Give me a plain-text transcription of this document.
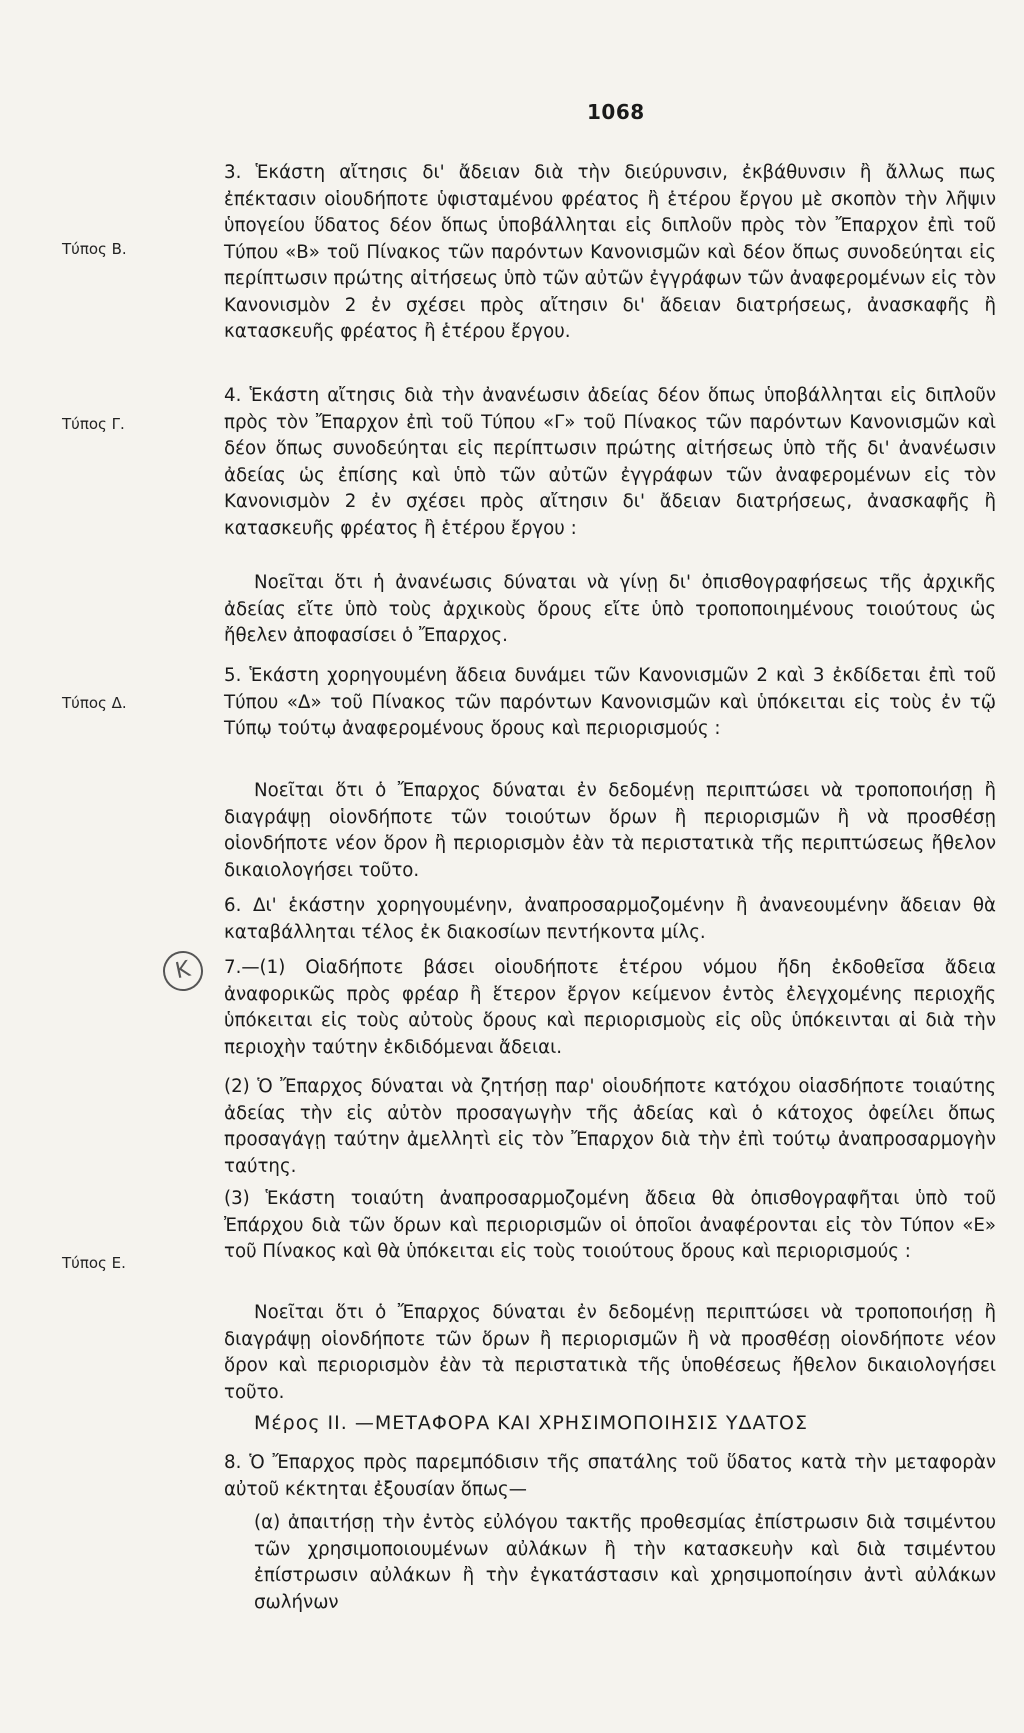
1068
Τύπος Β.
Τύπος Γ.
Τύπος Δ.
Τύπος Ε.
K

3. Ἑκάστη αἴτησις δι' ἄδειαν διὰ τὴν διεύρυνσιν, ἐκβάθυνσιν ἢ ἄλλως πως ἐπέκτασιν οἱουδήποτε ὑφισταμένου φρέατος ἢ ἑτέρου ἔργου μὲ σκοπὸν τὴν λῆψιν ὑπογείου ὕδατος δέον ὅπως ὑποβάλληται εἰς διπλοῦν πρὸς τὸν Ἔπαρχον ἐπὶ τοῦ Τύπου «Β» τοῦ Πίνακος τῶν παρόντων Κανονισμῶν καὶ δέον ὅπως συνοδεύηται εἰς περίπτωσιν πρώτης αἰτήσεως ὑπὸ τῶν αὐτῶν ἐγγράφων τῶν ἀναφερομένων εἰς τὸν Κανονισμὸν 2 ἐν σχέσει πρὸς αἴτησιν δι' ἄδειαν διατρήσεως, ἀνασκαφῆς ἢ κατασκευῆς φρέατος ἢ ἑτέρου ἔργου.

4. Ἑκάστη αἴτησις διὰ τὴν ἀνανέωσιν ἀδείας δέον ὅπως ὑποβάλληται εἰς διπλοῦν πρὸς τὸν Ἔπαρχον ἐπὶ τοῦ Τύπου «Γ» τοῦ Πίνακος τῶν παρόντων Κανονισμῶν καὶ δέον ὅπως συνοδεύηται εἰς περίπτωσιν πρώτης αἰτήσεως ὑπὸ τῆς δι' ἀνανέωσιν ἀδείας ὡς ἐπίσης καὶ ὑπὸ τῶν αὐτῶν ἐγγράφων τῶν ἀναφερομένων εἰς τὸν Κανονισμὸν 2 ἐν σχέσει πρὸς αἴτησιν δι' ἄδειαν διατρήσεως, ἀνασκαφῆς ἢ κατασκευῆς φρέατος ἢ ἑτέρου ἔργου :

Νοεῖται ὅτι ἡ ἀνανέωσις δύναται νὰ γίνῃ δι' ὀπισθογραφήσεως τῆς ἀρχικῆς ἀδείας εἴτε ὑπὸ τοὺς ἀρχικοὺς ὅρους εἴτε ὑπὸ τροποποιημένους τοιούτους ὡς ἤθελεν ἀποφασίσει ὁ Ἔπαρχος.

5. Ἑκάστη χορηγουμένη ἄδεια δυνάμει τῶν Κανονισμῶν 2 καὶ 3 ἐκδίδεται ἐπὶ τοῦ Τύπου «Δ» τοῦ Πίνακος τῶν παρόντων Κανονισμῶν καὶ ὑπόκειται εἰς τοὺς ἐν τῷ Τύπῳ τούτῳ ἀναφερομένους ὅρους καὶ περιορισμούς :

Νοεῖται ὅτι ὁ Ἔπαρχος δύναται ἐν δεδομένῃ περιπτώσει νὰ τροποποιήσῃ ἢ διαγράψῃ οἱονδήποτε τῶν τοιούτων ὅρων ἢ περιορισμῶν ἢ νὰ προσθέσῃ οἱονδήποτε νέον ὅρον ἢ περιορισμὸν ἐὰν τὰ περιστατικὰ τῆς περιπτώσεως ἤθελον δικαιολογήσει τοῦτο.

6. Δι' ἑκάστην χορηγουμένην, ἀναπροσαρμοζομένην ἢ ἀνανεουμένην ἄδειαν θὰ καταβάλληται τέλος ἐκ διακοσίων πεντήκοντα μίλς.

7.—(1) Οἱαδήποτε βάσει οἱουδήποτε ἑτέρου νόμου ἤδη ἐκδοθεῖσα ἄδεια ἀναφορικῶς πρὸς φρέαρ ἢ ἕτερον ἔργον κείμενον ἐντὸς ἐλεγχομένης περιοχῆς ὑπόκειται εἰς τοὺς αὐτοὺς ὅρους καὶ περιορισμοὺς εἰς οὓς ὑπόκεινται αἱ διὰ τὴν περιοχὴν ταύτην ἐκδιδόμεναι ἄδειαι.

(2) Ὁ Ἔπαρχος δύναται νὰ ζητήσῃ παρ' οἱουδήποτε κατόχου οἱασδήποτε τοιαύτης ἀδείας τὴν εἰς αὐτὸν προσαγωγὴν τῆς ἀδείας καὶ ὁ κάτοχος ὀφείλει ὅπως προσαγάγῃ ταύτην ἀμελλητὶ εἰς τὸν Ἔπαρχον διὰ τὴν ἐπὶ τούτῳ ἀναπροσαρμογὴν ταύτης.

(3) Ἑκάστη τοιαύτη ἀναπροσαρμοζομένη ἄδεια θὰ ὀπισθογραφῆται ὑπὸ τοῦ Ἐπάρχου διὰ τῶν ὅρων καὶ περιορισμῶν οἱ ὁποῖοι ἀναφέρονται εἰς τὸν Τύπον «Ε» τοῦ Πίνακος καὶ θὰ ὑπόκειται εἰς τοὺς τοιούτους ὅρους καὶ περιορισμούς :

Νοεῖται ὅτι ὁ Ἔπαρχος δύναται ἐν δεδομένῃ περιπτώσει νὰ τροποποιήσῃ ἢ διαγράψῃ οἱονδήποτε τῶν ὅρων ἢ περιορισμῶν ἢ νὰ προσθέσῃ οἱονδήποτε νέον ὅρον καὶ περιορισμὸν ἐὰν τὰ περιστατικὰ τῆς ὑποθέσεως ἤθελον δικαιολογήσει τοῦτο.

Μέρος II. —ΜΕΤΑΦΟΡΑ ΚΑΙ ΧΡΗΣΙΜΟΠΟΙΗΣΙΣ ΥΔΑΤΟΣ

8. Ὁ Ἔπαρχος πρὸς παρεμπόδισιν τῆς σπατάλης τοῦ ὕδατος κατὰ τὴν μεταφορὰν αὐτοῦ κέκτηται ἐξουσίαν ὅπως—

(α) ἀπαιτήσῃ τὴν ἐντὸς εὐλόγου τακτῆς προθεσμίας ἐπίστρωσιν διὰ τσιμέντου τῶν χρησιμοποιουμένων αὐλάκων ἢ τὴν κατασκευὴν καὶ διὰ τσιμέντου ἐπίστρωσιν αὐλάκων ἢ τὴν ἐγκατάστασιν καὶ χρησιμοποίησιν ἀντὶ αὐλάκων σωλήνων
